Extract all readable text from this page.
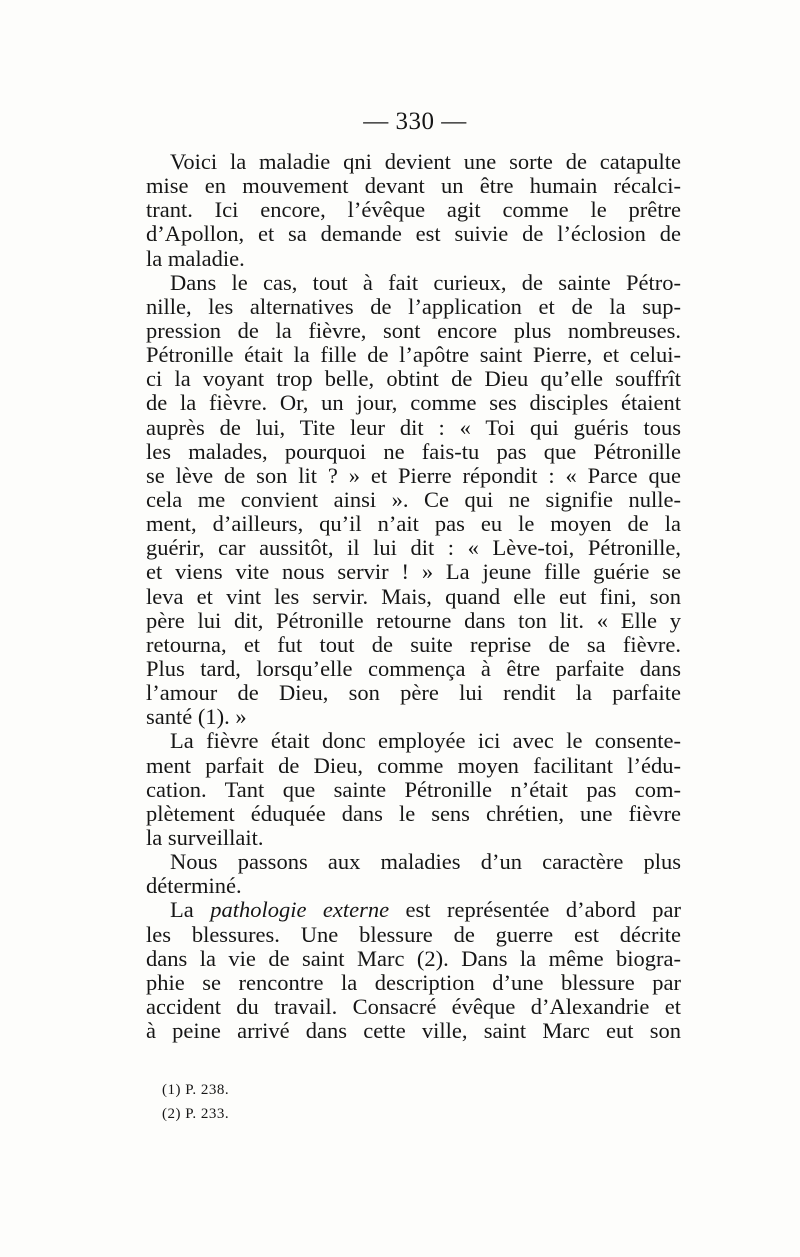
— 330 —
Voici la maladie qni devient une sorte de catapulte
mise en mouvement devant un être humain récalci-
trant. Ici encore, l’évêque agit comme le prêtre
d’Apollon, et sa demande est suivie de l’éclosion de
la maladie.
Dans le cas, tout à fait curieux, de sainte Pétro-
nille, les alternatives de l’application et de la sup-
pression de la fièvre, sont encore plus nombreuses.
Pétronille était la fille de l’apôtre saint Pierre, et celui-
ci la voyant trop belle, obtint de Dieu qu’elle souffrît
de la fièvre. Or, un jour, comme ses disciples étaient
auprès de lui, Tite leur dit : « Toi qui guéris tous
les malades, pourquoi ne fais-tu pas que Pétronille
se lève de son lit ? » et Pierre répondit : « Parce que
cela me convient ainsi ». Ce qui ne signifie nulle-
ment, d’ailleurs, qu’il n’ait pas eu le moyen de la
guérir, car aussitôt, il lui dit : « Lève-toi, Pétronille,
et viens vite nous servir ! » La jeune fille guérie se
leva et vint les servir. Mais, quand elle eut fini, son
père lui dit, Pétronille retourne dans ton lit. « Elle y
retourna, et fut tout de suite reprise de sa fièvre.
Plus tard, lorsqu’elle commença à être parfaite dans
l’amour de Dieu, son père lui rendit la parfaite
santé (1). »
La fièvre était donc employée ici avec le consente-
ment parfait de Dieu, comme moyen facilitant l’édu-
cation. Tant que sainte Pétronille n’était pas com-
plètement éduquée dans le sens chrétien, une fièvre
la surveillait.
Nous passons aux maladies d’un caractère plus
déterminé.
La pathologie externe est représentée d’abord par
les blessures. Une blessure de guerre est décrite
dans la vie de saint Marc (2). Dans la même biogra-
phie se rencontre la description d’une blessure par
accident du travail. Consacré évêque d’Alexandrie et
à peine arrivé dans cette ville, saint Marc eut son
(1) P. 238.
(2) P. 233.
